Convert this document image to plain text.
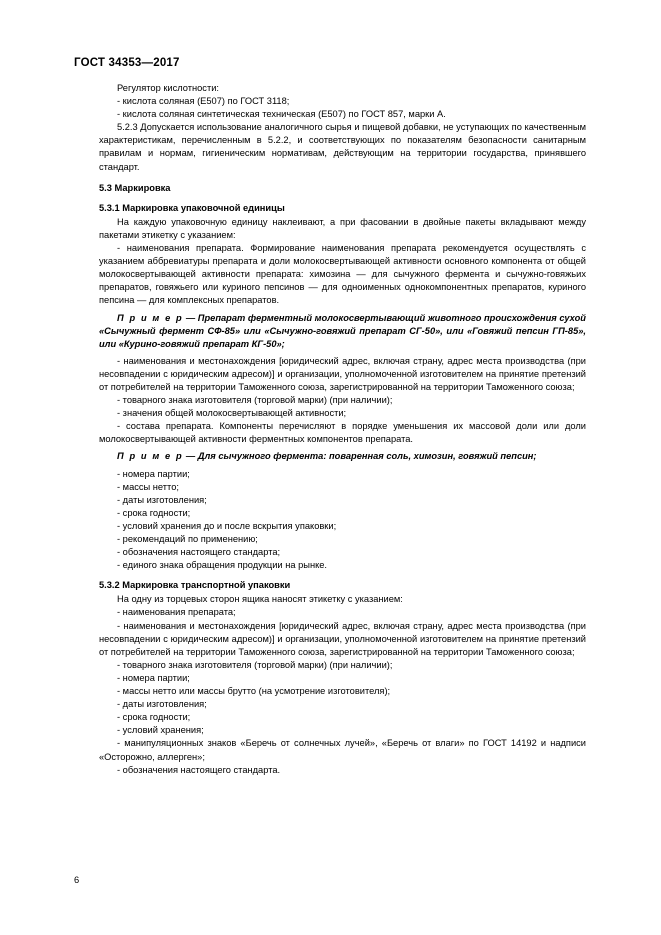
ГОСТ 34353—2017

Регулятор кислотности:

- кислота соляная (Е507) по ГОСТ 3118;

- кислота соляная синтетическая техническая (Е507) по ГОСТ 857, марки А.

5.2.3 Допускается использование аналогичного сырья и пищевой добавки, не уступающих по качественным характеристикам, перечисленным в 5.2.2, и соответствующих по показателям безопасности санитарным правилам и нормам, гигиеническим нормативам, действующим на территории государства, принявшего стандарт.

5.3 Маркировка

5.3.1 Маркировка упаковочной единицы

На каждую упаковочную единицу наклеивают, а при фасовании в двойные пакеты вкладывают между пакетами этикетку с указанием:

- наименования препарата. Формирование наименования препарата рекомендуется осуществлять с указанием аббревиатуры препарата и доли молокосвертывающей активности основного компонента от общей молокосвертывающей активности препарата: химозина — для сычужного фермента и сычужно-говяжьих препаратов, говяжьего или куриного пепсинов — для одноименных однокомпонентных препаратов, куриного пепсина — для комплексных препаратов.

П р и м е р — Препарат ферментный молокосвертывающий животного происхождения сухой «Сычужный фермент СФ-85» или «Сычужно-говяжий препарат СГ-50», или «Говяжий пепсин ГП-85», или «Курино-говяжий препарат КГ-50»;

- наименования и местонахождения [юридический адрес, включая страну, адрес места производства (при несовпадении с юридическим адресом)] и организации, уполномоченной изготовителем на принятие претензий от потребителей на территории Таможенного союза, зарегистрированной на территории Таможенного союза;

- товарного знака изготовителя (торговой марки) (при наличии);

- значения общей молокосвертывающей активности;

- состава препарата. Компоненты перечисляют в порядке уменьшения их массовой доли или доли молокосвертывающей активности ферментных компонентов препарата.

П р и м е р — Для сычужного фермента: поваренная соль, химозин, говяжий пепсин;

- номера партии;

- массы нетто;

- даты изготовления;

- срока годности;

- условий хранения до и после вскрытия упаковки;

- рекомендаций по применению;

- обозначения настоящего стандарта;

- единого знака обращения продукции на рынке.

5.3.2 Маркировка транспортной упаковки

На одну из торцевых сторон ящика наносят этикетку с указанием:

- наименования препарата;

- наименования и местонахождения [юридический адрес, включая страну, адрес места производства (при несовпадении с юридическим адресом)] и организации, уполномоченной изготовителем на принятие претензий от потребителей на территории Таможенного союза, зарегистрированной на территории Таможенного союза;

- товарного знака изготовителя (торговой марки) (при наличии);

- номера партии;

- массы нетто или массы брутто (на усмотрение изготовителя);

- даты изготовления;

- срока годности;

- условий хранения;

- манипуляционных знаков «Беречь от солнечных лучей», «Беречь от влаги» по ГОСТ 14192 и надписи «Осторожно, аллерген»;

- обозначения настоящего стандарта.

6
